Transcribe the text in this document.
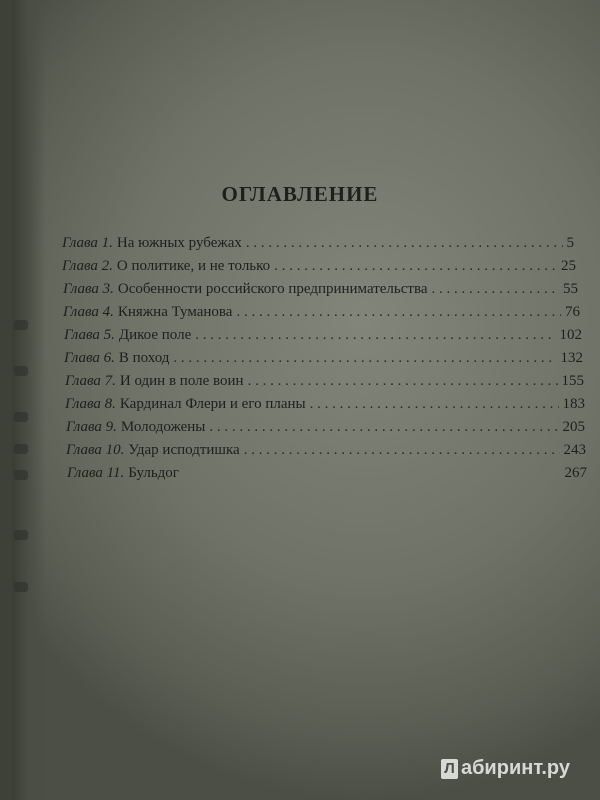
ОГЛАВЛЕНИЕ
Глава 1. На южных рубежах . . .	5
Глава 2. О политике, и не только . . .	25
Глава 3. Особенности российского предпринимательства . . .	55
Глава 4. Княжна Туманова . . .	76
Глава 5. Дикое поле . . .	102
Глава 6. В поход . . .	132
Глава 7. И один в поле воин . . .	155
Глава 8. Кардинал Флери и его планы . . .	183
Глава 9. Молодожены . . .	205
Глава 10. Удар исподтишка . . .	243
Глава 11. Бульдог	267
Л абиринт.ру
